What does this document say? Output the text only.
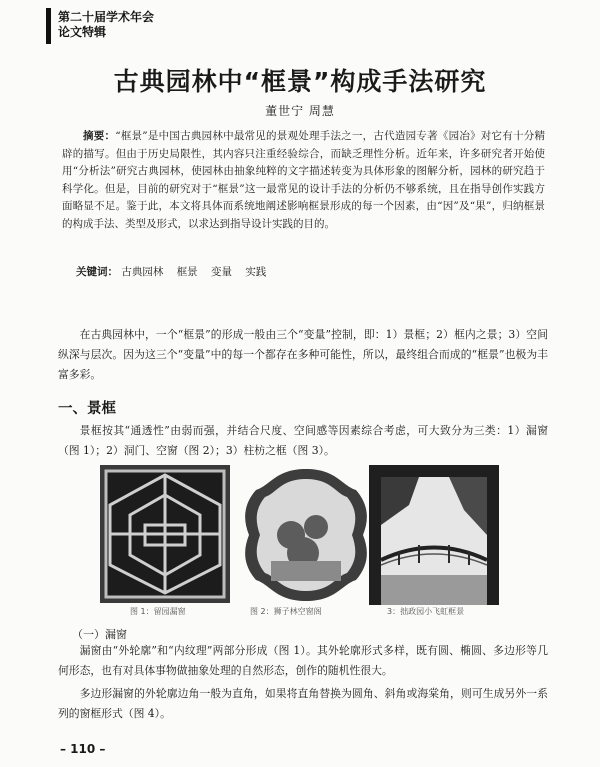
第二十届学术年会
论文特辑
古典园林中“框景”构成手法研究
董世宁 周慧
摘要：“框景”是中国古典园林中最常见的景观处理手法之一，古代造园专著《园冶》对它有十分精辟的描写。但由于历史局限性，其内容只注重经验综合，而缺乏理性分析。近年来，许多研究者开始使用“分析法”研究古典园林，使园林由抽象纯粹的文字描述转变为具体形象的图解分析，园林的研究趋于科学化。但是，目前的研究对于“框景”这一最常见的设计手法的分析仍不够系统，且在指导创作实践方面略显不足。鉴于此，本文将具体而系统地阐述影响框景形成的每一个因素，由“因”及“果”，归纳框景的构成手法、类型及形式，以求达到指导设计实践的目的。
关键词： 古典园林 框景 变量 实践
在古典园林中，一个“框景”的形成一般由三个“变量”控制，即：1）景框；2）框内之景；3）空间纵深与层次。因为这三个“变量”中的每一个都存在多种可能性，所以，最终组合而成的“框景”也极为丰富多彩。
一、景框
景框按其“通透性”由弱而强，并结合尺度、空间感等因素综合考虑，可大致分为三类：1）漏窗（图 1）；2）洞门、空窗（图 2）；3）柱枋之框（图 3）。
图 1：留园漏窗	图 2：狮子林空窗阁	3：拙政园小飞虹框景
（一）漏窗
漏窗由“外轮廓”和“内纹理”两部分形成（图 1）。其外轮廓形式多样，既有圆、椭圆、多边形等几何形态，也有对具体事物做抽象处理的自然形态，创作的随机性很大。
多边形漏窗的外轮廓边角一般为直角，如果将直角替换为圆角、斜角或海棠角，则可生成另外一系列的窗框形式（图 4）。
– 110 –
